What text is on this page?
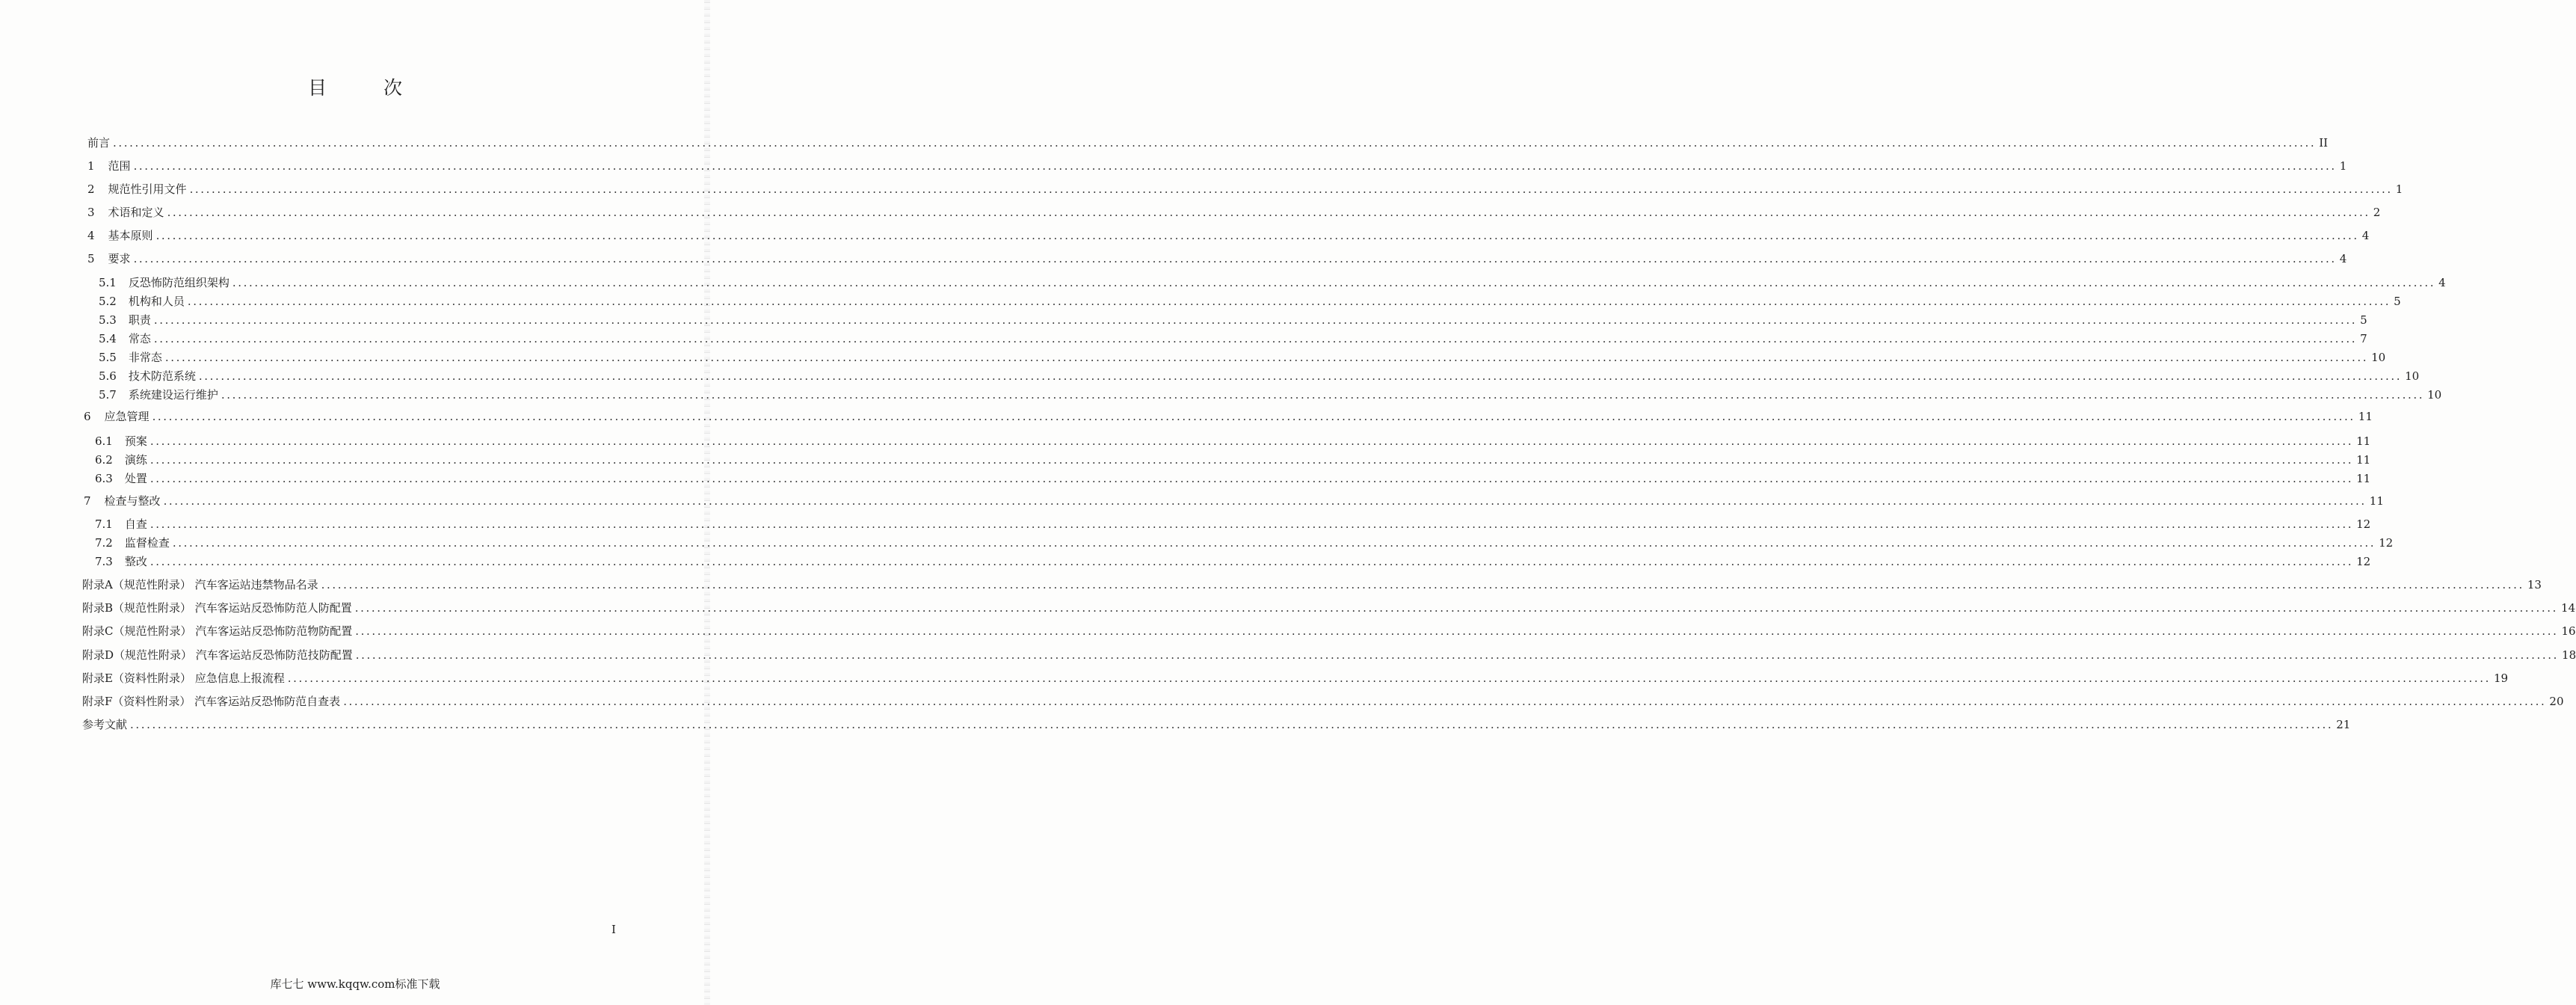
目 次
前言 ................................................................................................................................................................................................................................................................................................................................................................................................................ II
1 范围 ................................................................................................................................................................................................................................................................................................................................................................................................................ 1
2 规范性引用文件 ................................................................................................................................................................................................................................................................................................................................................................................................................ 1
3 术语和定义 ................................................................................................................................................................................................................................................................................................................................................................................................................ 2
4 基本原则 ................................................................................................................................................................................................................................................................................................................................................................................................................ 4
5 要求 ................................................................................................................................................................................................................................................................................................................................................................................................................ 4
5.1 反恐怖防范组织架构 ................................................................................................................................................................................................................................................................................................................................................................................................................ 4
5.2 机构和人员 ................................................................................................................................................................................................................................................................................................................................................................................................................ 5
5.3 职责 ................................................................................................................................................................................................................................................................................................................................................................................................................ 5
5.4 常态 ................................................................................................................................................................................................................................................................................................................................................................................................................ 7
5.5 非常态 ................................................................................................................................................................................................................................................................................................................................................................................................................ 10
5.6 技术防范系统 ................................................................................................................................................................................................................................................................................................................................................................................................................ 10
5.7 系统建设运行维护 ................................................................................................................................................................................................................................................................................................................................................................................................................ 10
6 应急管理 ................................................................................................................................................................................................................................................................................................................................................................................................................ 11
6.1 预案 ................................................................................................................................................................................................................................................................................................................................................................................................................ 11
6.2 演练 ................................................................................................................................................................................................................................................................................................................................................................................................................ 11
6.3 处置 ................................................................................................................................................................................................................................................................................................................................................................................................................ 11
7 检查与整改 ................................................................................................................................................................................................................................................................................................................................................................................................................ 11
7.1 自查 ................................................................................................................................................................................................................................................................................................................................................................................................................ 12
7.2 监督检查 ................................................................................................................................................................................................................................................................................................................................................................................................................ 12
7.3 整改 ................................................................................................................................................................................................................................................................................................................................................................................................................ 12
附录A（规范性附录） 汽车客运站违禁物品名录 ................................................................................................................................................................................................................................................................................................................................................................................................................ 13
附录B（规范性附录） 汽车客运站反恐怖防范人防配置 ................................................................................................................................................................................................................................................................................................................................................................................................................ 14
附录C（规范性附录） 汽车客运站反恐怖防范物防配置 ................................................................................................................................................................................................................................................................................................................................................................................................................ 16
附录D（规范性附录） 汽车客运站反恐怖防范技防配置 ................................................................................................................................................................................................................................................................................................................................................................................................................ 18
附录E（资料性附录） 应急信息上报流程 ................................................................................................................................................................................................................................................................................................................................................................................................................ 19
附录F（资料性附录） 汽车客运站反恐怖防范自查表 ................................................................................................................................................................................................................................................................................................................................................................................................................ 20
参考文献 ................................................................................................................................................................................................................................................................................................................................................................................................................ 21
I
库七七 www.kqqw.com标准下载
